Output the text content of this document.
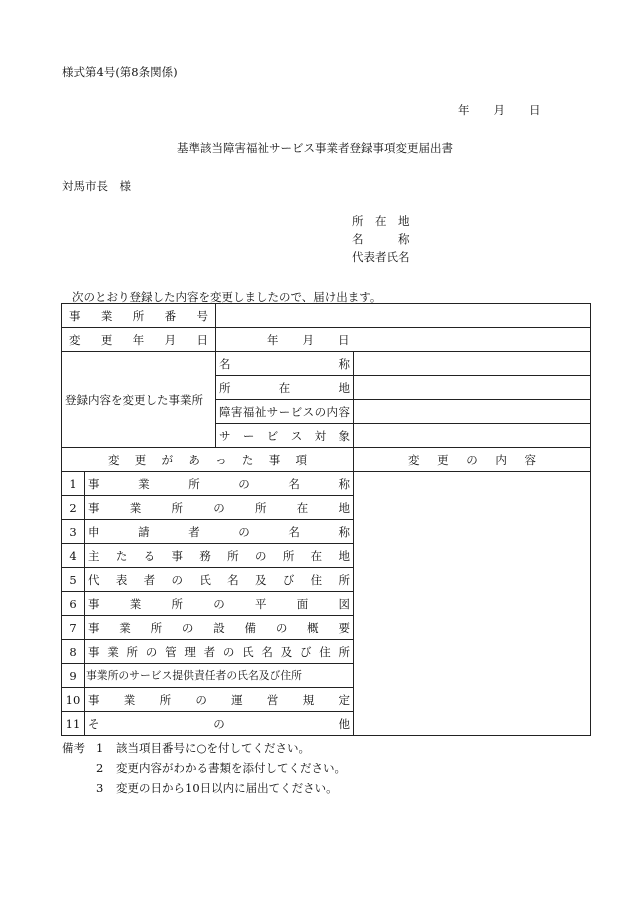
様式第4号(第8条関係)
年 月 日
基準該当障害福祉サービス事業者登録事項変更届出書
対馬市長　様
所　在　地
名　　　称
代表者氏名
次のとおり登録した内容を変更しましたので、届け出ます。
事業所番号			

変更年月日		年 月 日	
登録内容を変更した事業所		名称	

		所在地	

		障害福祉サービスの内容	

		サービス対象	

変更があった事項			変更の内容

1	事業所の名称		

2	事業所の所在地		

3	申請者の名称		

4	主たる事務所の所在地		

5	代表者の氏名及び住所		

6	事業所の平面図		

7	事業所の設備の概要		

8	事業所の管理者の氏名及び住所		

9	事業所のサービス提供責任者の氏名及び住所		

10	事業所の運営規定		

11	その他		
備考 1 該当項目番号に○を付してください。
2 変更内容がわかる書類を添付してください。
3 変更の日から10日以内に届出てください。
